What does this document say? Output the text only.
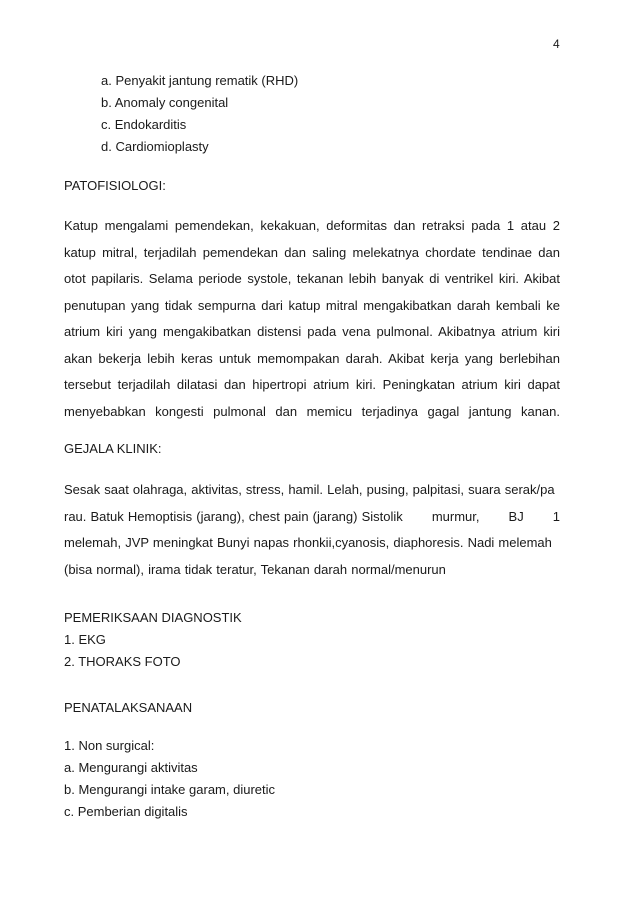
4
a. Penyakit jantung rematik (RHD)
b. Anomaly congenital
c. Endokarditis
d. Cardiomioplasty
PATOFISIOLOGI:
Katup mengalami pemendekan, kekakuan, deformitas dan retraksi pada 1 atau 2
katup mitral, terjadilah pemendekan dan saling melekatnya chordate tendinae dan
otot papilaris. Selama periode systole, tekanan lebih banyak di ventrikel kiri. Akibat
penutupan yang tidak sempurna dari katup mitral mengakibatkan darah kembali ke
atrium kiri yang mengakibatkan distensi pada vena pulmonal. Akibatnya atrium kiri
akan bekerja lebih keras untuk memompakan darah. Akibat kerja yang berlebihan
tersebut terjadilah dilatasi dan hipertropi atrium kiri. Peningkatan atrium kiri dapat
menyebabkan kongesti pulmonal dan memicu terjadinya gagal jantung kanan.
GEJALA KLINIK:
Sesak saat olahraga, aktivitas, stress, hamil. Lelah, pusing, palpitasi, suara serak/pa
rau. Batuk Hemoptisis (jarang), chest pain (jarang) Sistolik murmur, BJ 1
melemah, JVP meningkat Bunyi napas rhonkii,cyanosis, diaphoresis. Nadi melemah
(bisa normal), irama tidak teratur, Tekanan darah normal/menurun
PEMERIKSAAN DIAGNOSTIK
1. EKG
2. THORAKS FOTO
PENATALAKSANAAN
1. Non surgical:
a. Mengurangi aktivitas
b. Mengurangi intake garam, diuretic
c. Pemberian digitalis
